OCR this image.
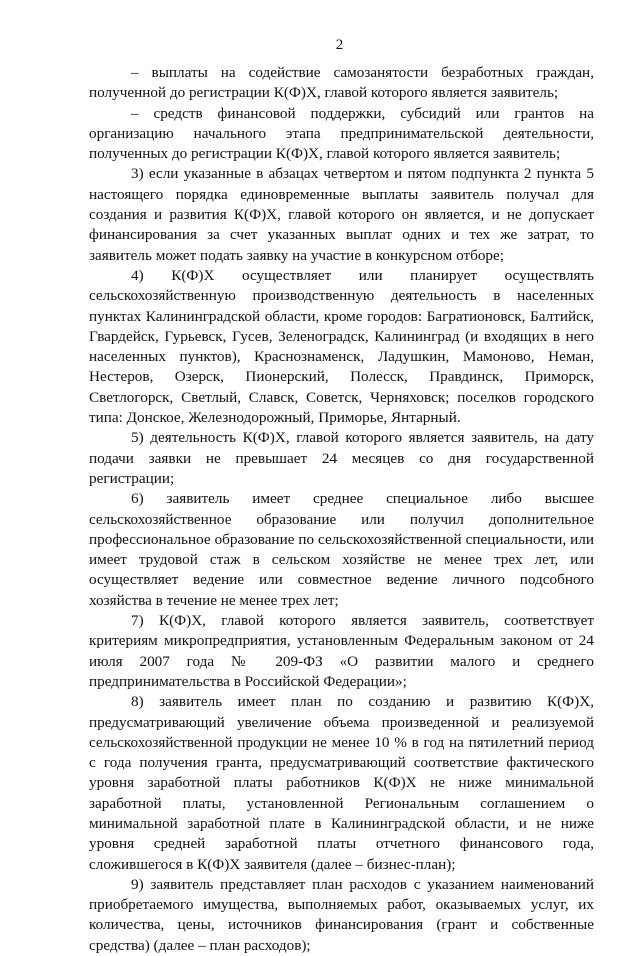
2

– выплаты на содействие самозанятости безработных граждан, полученной до регистрации К(Ф)Х, главой которого является заявитель;

– средств финансовой поддержки, субсидий или грантов на организацию начального этапа предпринимательской деятельности, полученных до регистрации К(Ф)Х, главой которого является заявитель;

3) если указанные в абзацах четвертом и пятом подпункта 2 пункта 5 настоящего порядка единовременные выплаты заявитель получал для создания и развития К(Ф)Х, главой которого он является, и не допускает финансирования за счет указанных выплат одних и тех же затрат, то заявитель может подать заявку на участие в конкурсном отборе;

4) К(Ф)Х осуществляет или планирует осуществлять сельскохозяйственную производственную деятельность в населенных пунктах Калининградской области, кроме городов: Багратионовск, Балтийск, Гвардейск, Гурьевск, Гусев, Зеленоградск, Калининград (и входящих в него населенных пунктов), Краснознаменск, Ладушкин, Мамоново, Неман, Нестеров, Озерск, Пионерский, Полесск, Правдинск, Приморск, Светлогорск, Светлый, Славск, Советск, Черняховск; поселков городского типа: Донское, Железнодорожный, Приморье, Янтарный.

5) деятельность К(Ф)Х, главой которого является заявитель, на дату подачи заявки не превышает 24 месяцев со дня государственной регистрации;

6) заявитель имеет среднее специальное либо высшее сельскохозяйственное образование или получил дополнительное профессиональное образование по сельскохозяйственной специальности, или имеет трудовой стаж в сельском хозяйстве не менее трех лет, или осуществляет ведение или совместное ведение личного подсобного хозяйства в течение не менее трех лет;

7) К(Ф)Х, главой которого является заявитель, соответствует критериям микропредприятия, установленным Федеральным законом от 24 июля 2007 года № 209-ФЗ «О развитии малого и среднего предпринимательства в Российской Федерации»;

8) заявитель имеет план по созданию и развитию К(Ф)Х, предусматривающий увеличение объема произведенной и реализуемой сельскохозяйственной продукции не менее 10 % в год на пятилетний период с года получения гранта, предусматривающий соответствие фактического уровня заработной платы работников К(Ф)Х не ниже минимальной заработной платы, установленной Региональным соглашением о минимальной заработной плате в Калининградской области, и не ниже уровня средней заработной платы отчетного финансового года, сложившегося в К(Ф)Х заявителя (далее – бизнес-план);

9) заявитель представляет план расходов с указанием наименований приобретаемого имущества, выполняемых работ, оказываемых услуг, их количества, цены, источников финансирования (грант и собственные средства) (далее – план расходов);
